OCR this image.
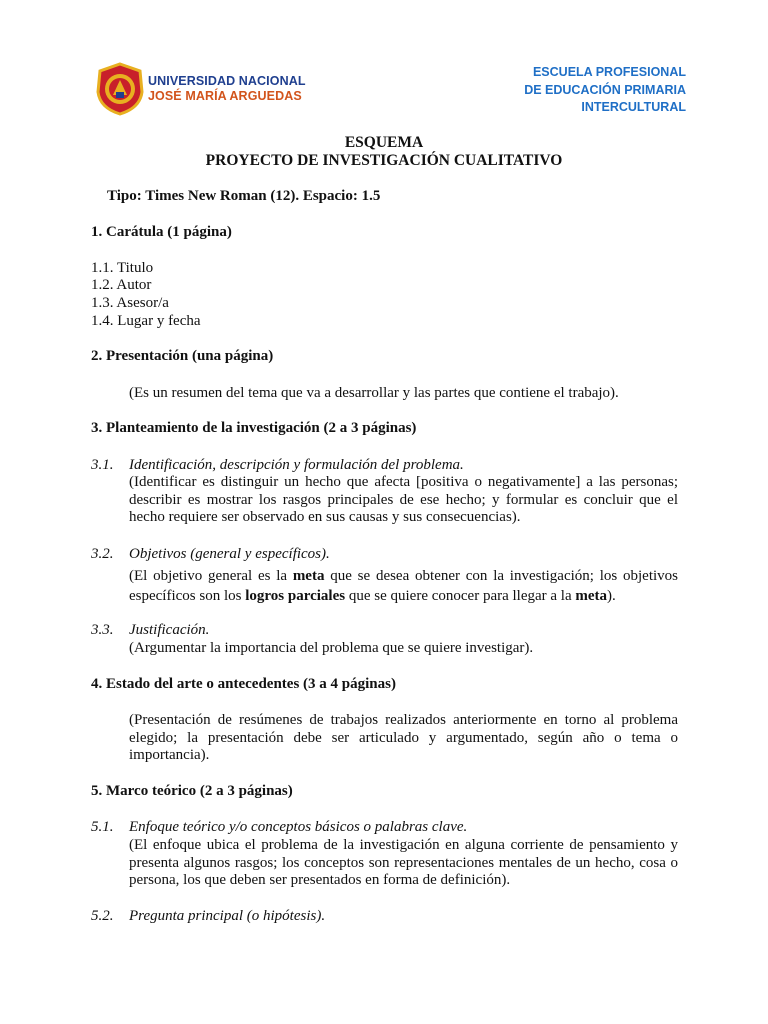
UNIVERSIDAD NACIONAL
JOSÉ MARÍA ARGUEDAS
ESCUELA PROFESIONAL
DE EDUCACIÓN PRIMARIA
INTERCULTURAL
ESQUEMA
PROYECTO DE INVESTIGACIÓN CUALITATIVO
Tipo: Times New Roman (12). Espacio: 1.5
1. Carátula (1 página)
1.1. Titulo
1.2. Autor
1.3. Asesor/a
1.4. Lugar y fecha
2. Presentación (una página)
(Es un resumen del tema que va a desarrollar y las partes que contiene el trabajo).
3. Planteamiento de la investigación (2 a 3 páginas)
3.1. Identificación, descripción y formulación del problema.
(Identificar es distinguir un hecho que afecta [positiva o negativamente] a las personas; describir es mostrar los rasgos principales de ese hecho; y formular es concluir que el hecho requiere ser observado en sus causas y sus consecuencias).
3.2. Objetivos (general y específicos).
(El objetivo general es la meta que se desea obtener con la investigación; los objetivos específicos son los logros parciales que se quiere conocer para llegar a la meta).
3.3. Justificación.
(Argumentar la importancia del problema que se quiere investigar).
4. Estado del arte o antecedentes (3 a 4 páginas)
(Presentación de resúmenes de trabajos realizados anteriormente en torno al problema elegido; la presentación debe ser articulado y argumentado, según año o tema o importancia).
5. Marco teórico (2 a 3 páginas)
5.1. Enfoque teórico y/o conceptos básicos o palabras clave.
(El enfoque ubica el problema de la investigación en alguna corriente de pensamiento y presenta algunos rasgos; los conceptos son representaciones mentales de un hecho, cosa o persona, los que deben ser presentados en forma de definición).
5.2. Pregunta principal (o hipótesis).
